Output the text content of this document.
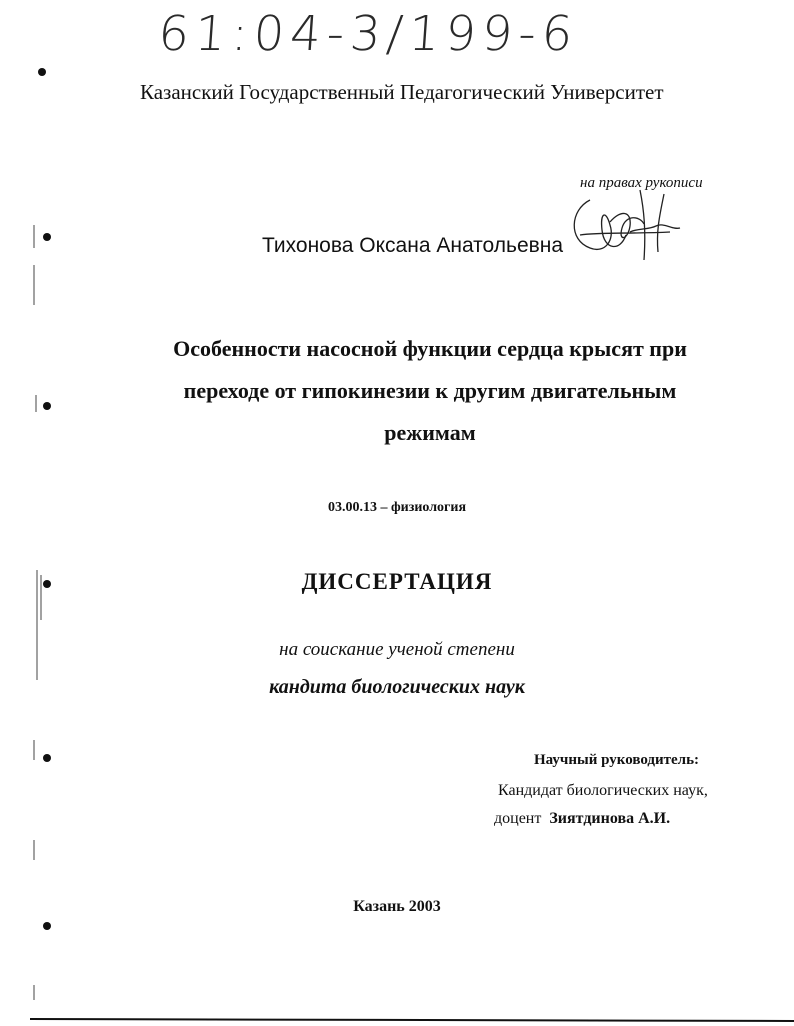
61:04-3/199-6
Казанский Государственный Педагогический Университет
на правах рукописи
Тихонова Оксана Анатольевна
Особенности насосной функции сердца крысят при
переходе от гипокинезии к другим двигательным
режимам
03.00.13 – физиология
ДИССЕРТАЦИЯ
на соискание ученой степени
кандита биологических наук
Научный руководитель:
Кандидат биологических наук,
доцент Зиятдинова А.И.
Казань 2003
